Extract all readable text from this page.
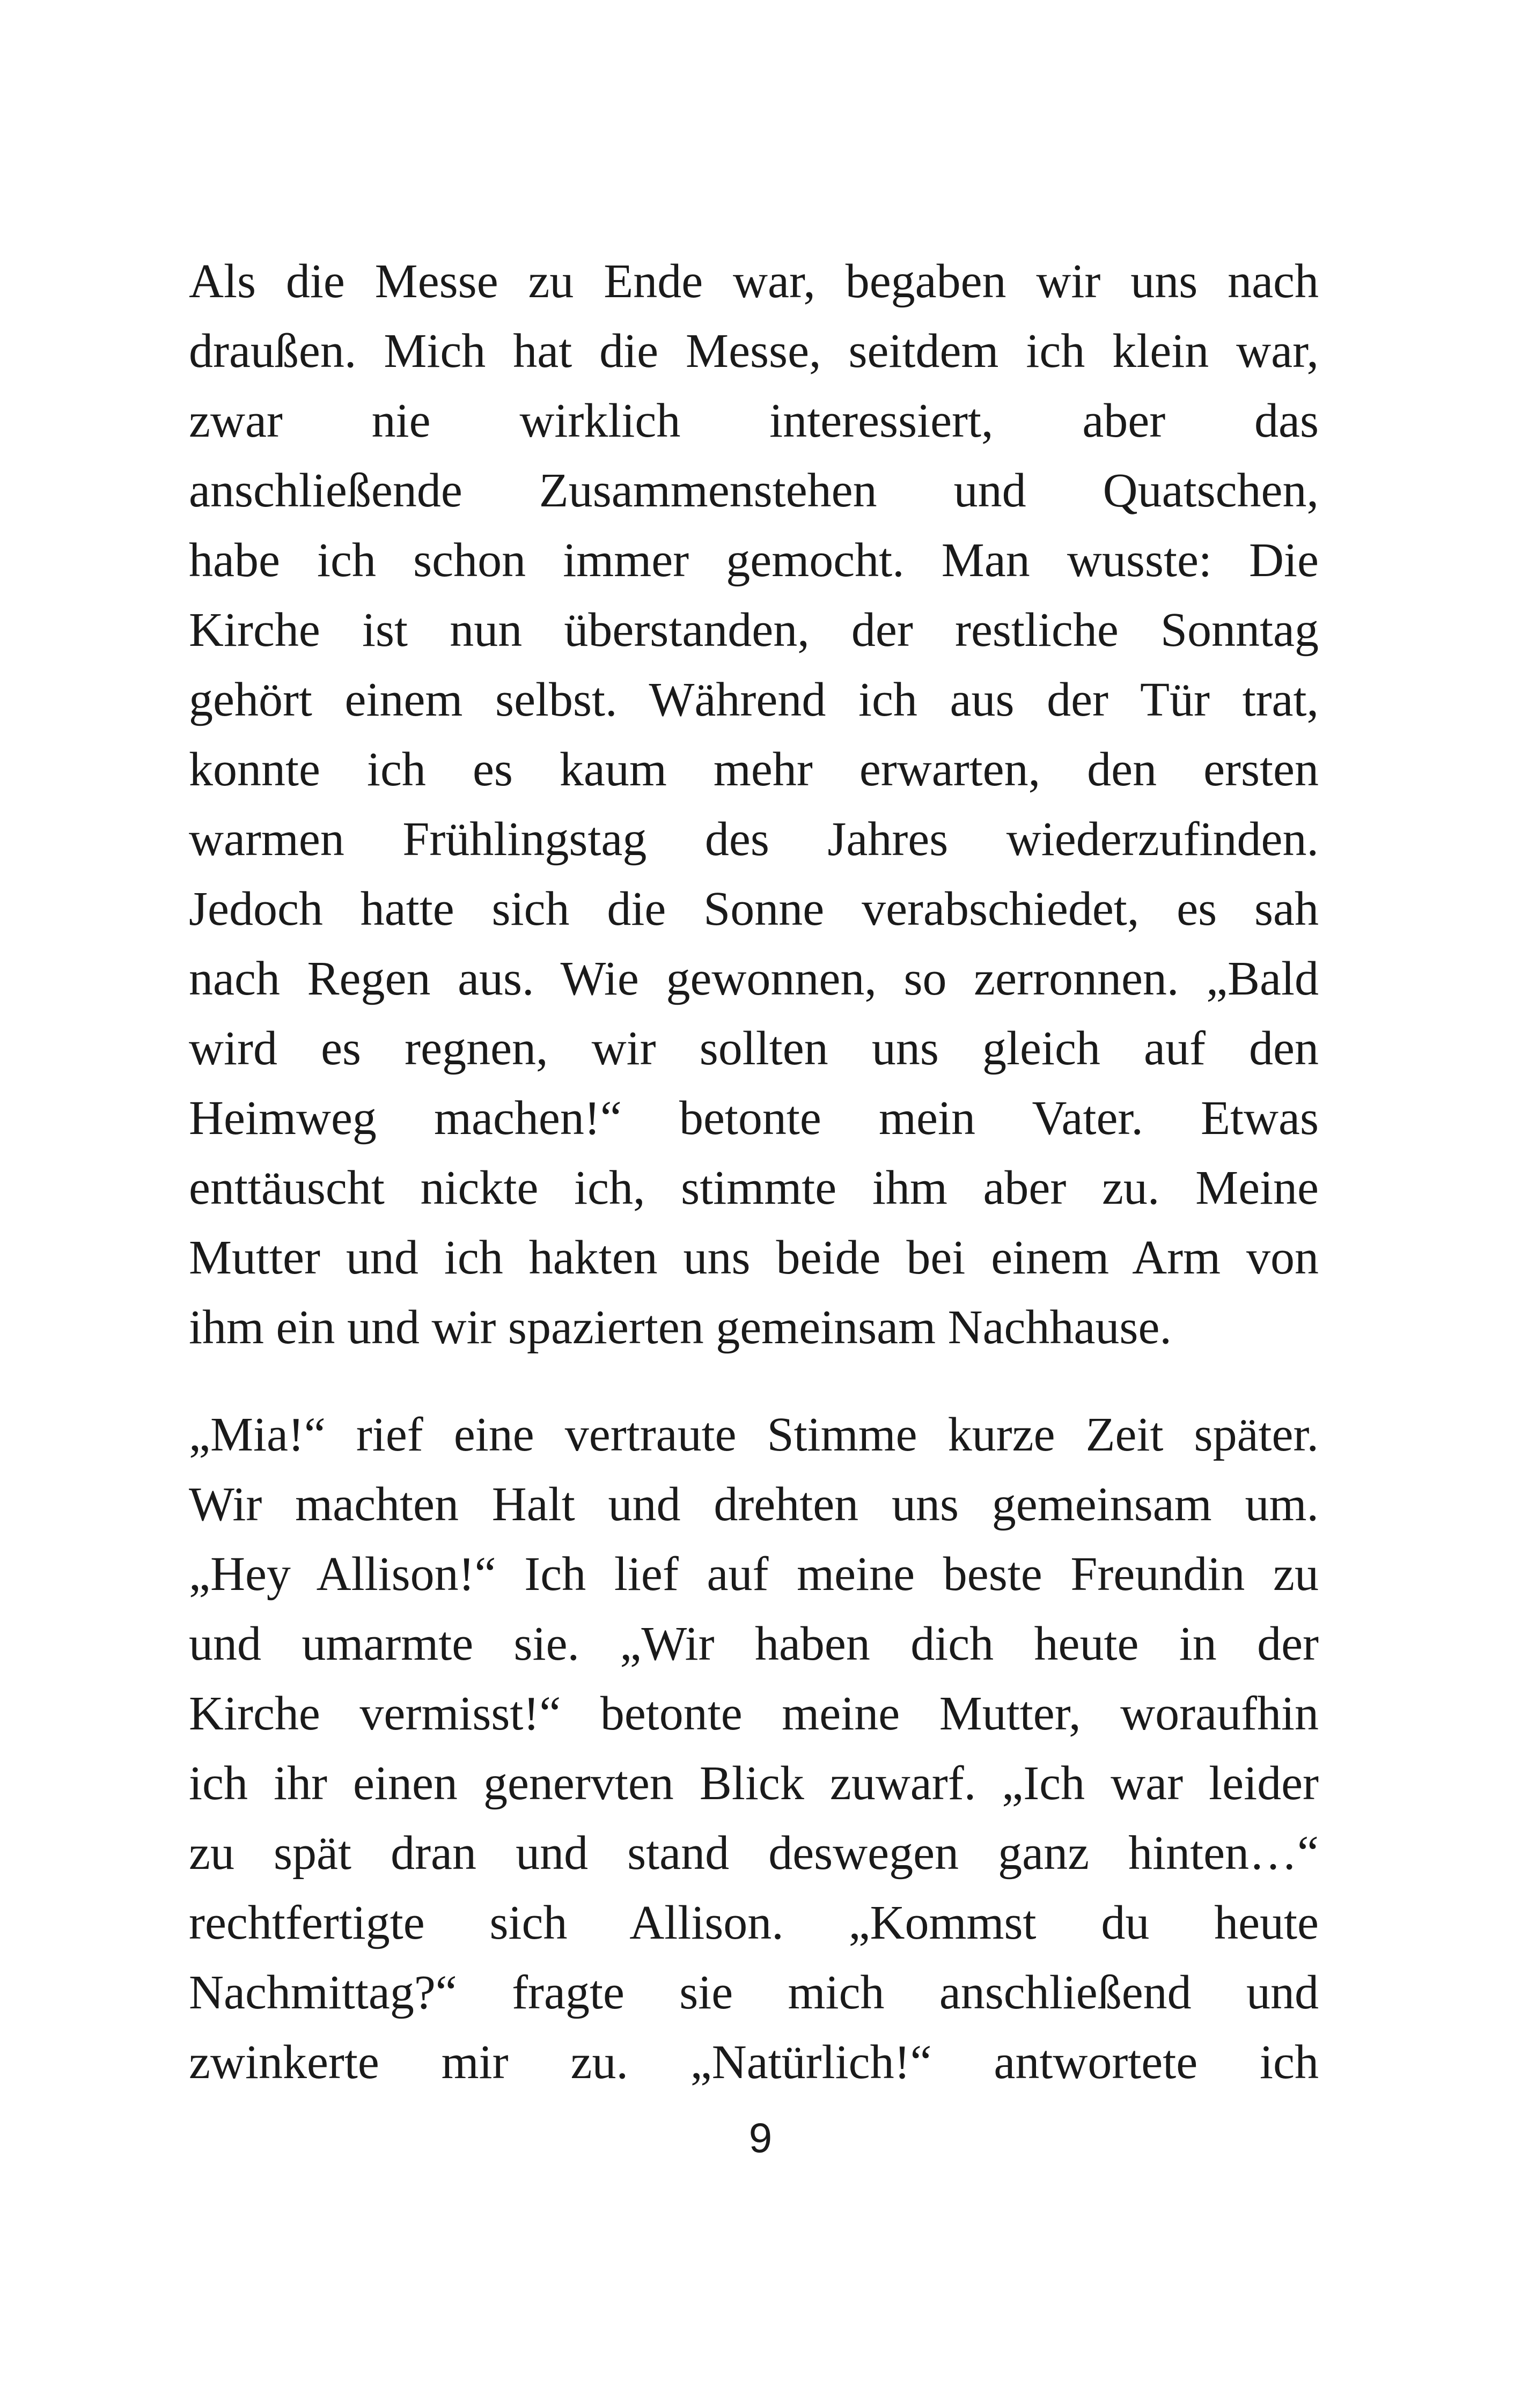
Als die Messe zu Ende war, begaben wir uns nach
draußen. Mich hat die Messe, seitdem ich klein war,
zwar nie wirklich interessiert, aber das
anschließende Zusammenstehen und Quatschen,
habe ich schon immer gemocht. Man wusste: Die
Kirche ist nun überstanden, der restliche Sonntag
gehört einem selbst. Während ich aus der Tür trat,
konnte ich es kaum mehr erwarten, den ersten
warmen Frühlingstag des Jahres wiederzufinden.
Jedoch hatte sich die Sonne verabschiedet, es sah
nach Regen aus. Wie gewonnen, so zerronnen. „Bald
wird es regnen, wir sollten uns gleich auf den
Heimweg machen!“ betonte mein Vater. Etwas
enttäuscht nickte ich, stimmte ihm aber zu. Meine
Mutter und ich hakten uns beide bei einem Arm von
ihm ein und wir spazierten gemeinsam Nachhause.
„Mia!“ rief eine vertraute Stimme kurze Zeit später.
Wir machten Halt und drehten uns gemeinsam um.
„Hey Allison!“ Ich lief auf meine beste Freundin zu
und umarmte sie. „Wir haben dich heute in der
Kirche vermisst!“ betonte meine Mutter, woraufhin
ich ihr einen genervten Blick zuwarf. „Ich war leider
zu spät dran und stand deswegen ganz hinten…“
rechtfertigte sich Allison. „Kommst du heute
Nachmittag?“ fragte sie mich anschließend und
zwinkerte mir zu. „Natürlich!“ antwortete ich
9
